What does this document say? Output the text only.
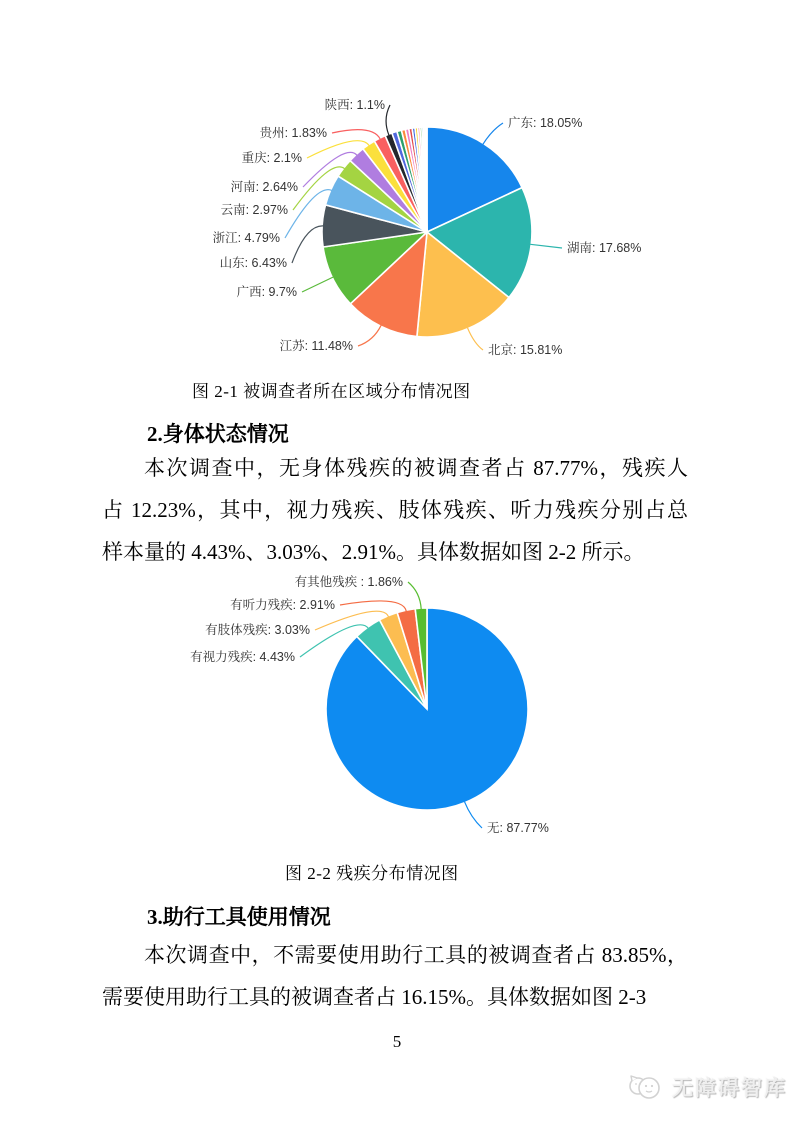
广东: 18.05%
湖南: 17.68%
北京: 15.81%
江苏: 11.48%
广西: 9.7%
山东: 6.43%
浙江: 4.79%
云南: 2.97%
河南: 2.64%
重庆: 2.1%
贵州: 1.83%
陕西: 1.1%
图 2-1 被调查者所在区域分布情况图
2.身体状态情况
本次调查中，无身体残疾的被调查者占 87.77%，残疾人
占 12.23%，其中，视力残疾、肢体残疾、听力残疾分别占总
样本量的 4.43%、3.03%、2.91%。具体数据如图 2-2 所示。
无: 87.77%
有视力残疾: 4.43%
有肢体残疾: 3.03%
有听力残疾: 2.91%
有其他残疾 : 1.86%
图 2-2 残疾分布情况图
3.助行工具使用情况
本次调查中，不需要使用助行工具的被调查者占 83.85%，
需要使用助行工具的被调查者占 16.15%。具体数据如图 2-3
5
无障碍智库
